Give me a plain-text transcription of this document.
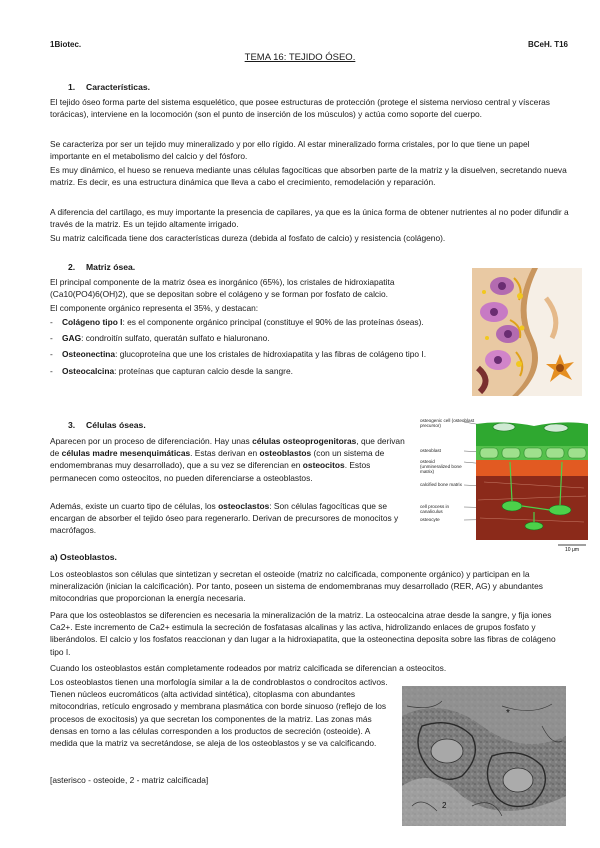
1Biotec.	BCeH. T16
TEMA 16: TEJIDO ÓSEO.
1. Características.

El tejido óseo forma parte del sistema esquelético, que posee estructuras de protección (protege el sistema nervioso central y vísceras torácicas), interviene en la locomoción (son el punto de inserción de los músculos) y actúa como soporte del cuerpo.

Se caracteriza por ser un tejido muy mineralizado y por ello rígido. Al estar mineralizado forma cristales, por lo que tiene un papel importante en el metabolismo del calcio y del fósforo.

Es muy dinámico, el hueso se renueva mediante unas células fagocíticas que absorben parte de la matriz y la disuelven, secretando nueva matriz. Es decir, es una estructura dinámica que lleva a cabo el crecimiento, remodelación y reparación.

A diferencia del cartílago, es muy importante la presencia de capilares, ya que es la única forma de obtener nutrientes al no poder difundir a través de la matriz. Es un tejido altamente irrigado.

Su matriz calcificada tiene dos características dureza (debida al fosfato de calcio) y resistencia (colágeno).

2. Matriz ósea.

El principal componente de la matriz ósea es inorgánico (65%), los cristales de hidroxiapatita (Ca10(PO4)6(OH)2), que se depositan sobre el colágeno y se forman por fosfato de calcio.

El componente orgánico representa el 35%, y destacan:

- Colágeno tipo I: es el componente orgánico principal (constituye el 90% de las proteínas óseas).
- GAG: condroitín sulfato, queratán sulfato e hialuronano.
- Osteonectina: glucoproteína que une los cristales de hidroxiapatita y las fibras de colágeno tipo I.
- Osteocalcina: proteínas que capturan calcio desde la sangre.
3. Células óseas.

Aparecen por un proceso de diferenciación. Hay unas células osteoprogenitoras, que derivan de células madre mesenquimáticas. Estas derivan en osteoblastos (con un sistema de endomembranas muy desarrollado), que a su vez se diferencian en osteocitos. Estos permanecen como osteocitos, no pueden diferenciarse a osteoblastos.

Además, existe un cuarto tipo de células, los osteoclastos: Son células fagocíticas que se encargan de absorber el tejido óseo para regenerarlo. Derivan de precursores de monocitos y macrófagos.

osteogenic cell (osteoblast precursor)
osteoblast
osteoid (unmineralized bone matrix)
calcified bone matrix
cell process in canaliculus
osteocyte
10 μm
a) Osteoblastos.

Los osteoblastos son células que sintetizan y secretan el osteoide (matriz no calcificada, componente orgánico) y participan en la mineralización (inician la calcificación). Por tanto, poseen un sistema de endomembranas muy desarrollado (RER, AG) y abundantes mitocondrias que proporcionan la energía necesaria.

Para que los osteoblastos se diferencien es necesaria la mineralización de la matriz. La osteocalcina atrae desde la sangre, y fija iones Ca2+. Este incremento de Ca2+ estimula la secreción de fosfatasas alcalinas y las activa, hidrolizando enlaces de grupos fosfato y liberándolos. El calcio y los fosfatos reaccionan y dan lugar a la hidroxiapatita, que la osteonectina deposita sobre las fibras de colágeno tipo I.

Cuando los osteoblastos están completamente rodeados por matriz calcificada se diferencian a osteocitos.

Los osteoblastos tienen una morfología similar a la de condroblastos o condrocitos activos. Tienen núcleos eucromáticos (alta actividad sintética), citoplasma con abundantes mitocondrias, retículo engrosado y membrana plasmática con borde sinuoso (reflejo de los procesos de exocitosis) ya que secretan los componentes de la matriz. Las zonas más densas en torno a las células corresponden a los productos de secreción (osteoide). A medida que la matriz va secretándose, se aleja de los osteoblastos y se va calcificando.

[asterisco - osteoide, 2 - matriz calcificada]

*
2
